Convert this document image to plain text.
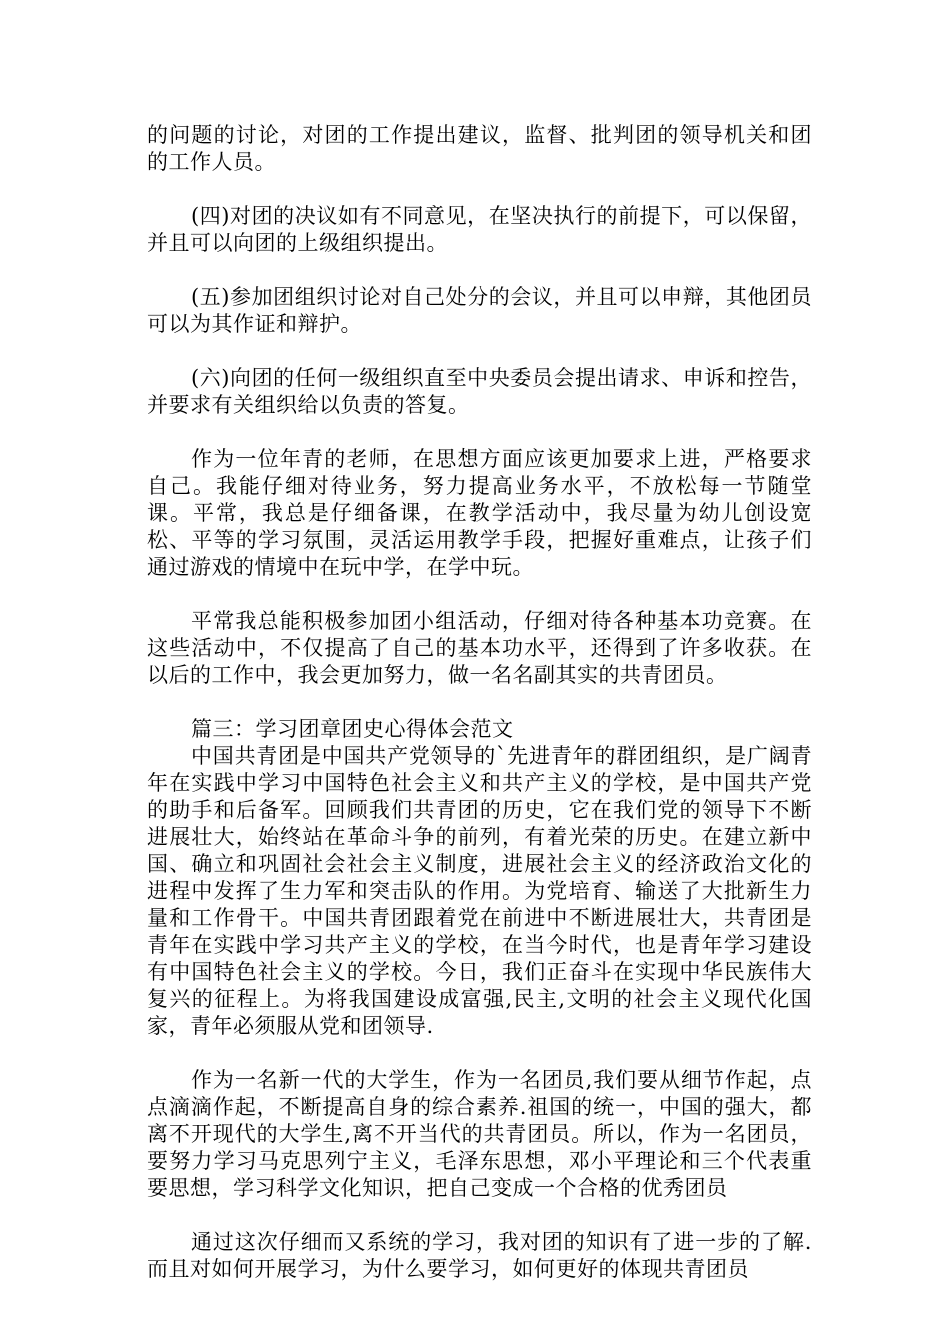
的问题的讨论，对团的工作提出建议，监督、批判团的领导机关和团的工作人员。

(四)对团的决议如有不同意见，在坚决执行的前提下，可以保留，并且可以向团的上级组织提出。

(五)参加团组织讨论对自己处分的会议，并且可以申辩，其他团员可以为其作证和辩护。

(六)向团的任何一级组织直至中央委员会提出请求、申诉和控告，并要求有关组织给以负责的答复。

作为一位年青的老师，在思想方面应该更加要求上进，严格要求自己。我能仔细对待业务，努力提高业务水平，不放松每一节随堂课。平常，我总是仔细备课，在教学活动中，我尽量为幼儿创设宽松、平等的学习氛围，灵活运用教学手段，把握好重难点，让孩子们通过游戏的情境中在玩中学，在学中玩。

平常我总能积极参加团小组活动，仔细对待各种基本功竞赛。在这些活动中，不仅提高了自己的基本功水平，还得到了许多收获。在以后的工作中，我会更加努力，做一名名副其实的共青团员。

篇三：学习团章团史心得体会范文

中国共青团是中国共产党领导的`先进青年的群团组织，是广阔青年在实践中学习中国特色社会主义和共产主义的学校，是中国共产党的助手和后备军。回顾我们共青团的历史，它在我们党的领导下不断进展壮大，始终站在革命斗争的前列，有着光荣的历史。在建立新中国、确立和巩固社会社会主义制度，进展社会主义的经济政治文化的进程中发挥了生力军和突击队的作用。为党培育、输送了大批新生力量和工作骨干。中国共青团跟着党在前进中不断进展壮大，共青团是青年在实践中学习共产主义的学校，在当今时代，也是青年学习建设有中国特色社会主义的学校。今日，我们正奋斗在实现中华民族伟大复兴的征程上。为将我国建设成富强,民主,文明的社会主义现代化国家，青年必须服从党和团领导.

作为一名新一代的大学生，作为一名团员,我们要从细节作起，点点滴滴作起，不断提高自身的综合素养.祖国的统一，中国的强大，都离不开现代的大学生,离不开当代的共青团员。所以，作为一名团员，要努力学习马克思列宁主义，毛泽东思想，邓小平理论和三个代表重要思想，学习科学文化知识，把自己变成一个合格的优秀团员

通过这次仔细而又系统的学习，我对团的知识有了进一步的了解.而且对如何开展学习，为什么要学习，如何更好的体现共青团员
